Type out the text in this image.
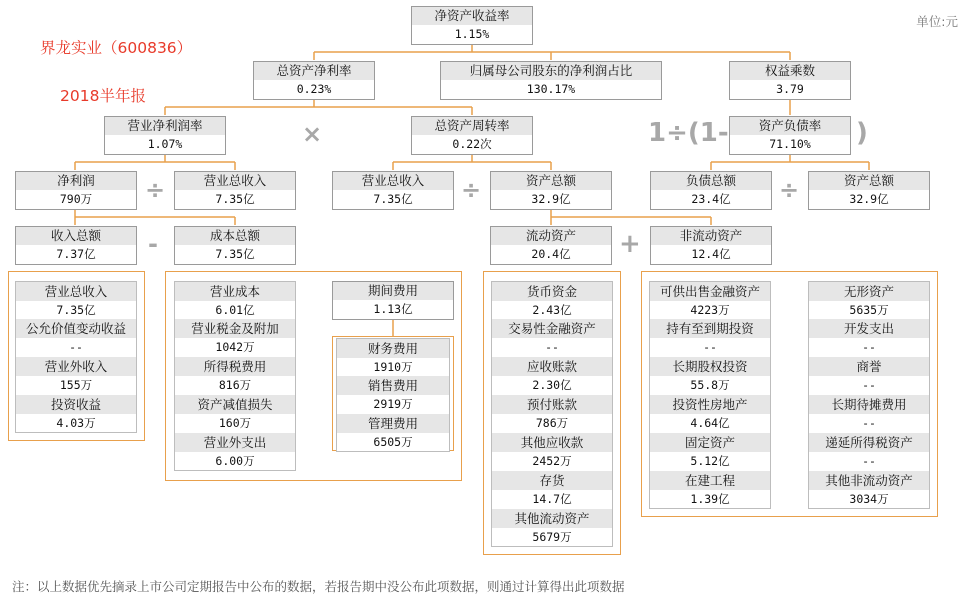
界龙实业（600836）
2018半年报
单位:元
净资产收益率
1.15%
总资产净利率
0.23%
归属母公司股东的净利润占比
130.17%
权益乘数
3.79
营业净利润率
1.07%	×	总资产周转率
0.22次	1÷(1-	资产负债率
71.10%	)
净利润
790万	÷	营业总收入
7.35亿
营业总收入
7.35亿	÷	资产总额
32.9亿
负债总额
23.4亿	÷	资产总额
32.9亿
收入总额
7.37亿	-	成本总额
7.35亿
流动资产
20.4亿	+	非流动资产
12.4亿
营业总收入
7.35亿
公允价值变动收益
--
营业外收入
155万
投资收益
4.03万
营业成本
6.01亿
营业税金及附加
1042万
所得税费用
816万
资产减值损失
160万
营业外支出
6.00万
期间费用
1.13亿
财务费用
1910万
销售费用
2919万
管理费用
6505万
货币资金
2.43亿
交易性金融资产
--
应收账款
2.30亿
预付账款
786万
其他应收款
2452万
存货
14.7亿
其他流动资产
5679万
可供出售金融资产
4223万
持有至到期投资
--
长期股权投资
55.8万
投资性房地产
4.64亿
固定资产
5.12亿
在建工程
1.39亿
无形资产
5635万
开发支出
--
商誉
--
长期待摊费用
--
递延所得税资产
--
其他非流动资产
3034万
注：以上数据优先摘录上市公司定期报告中公布的数据，若报告期中没公布此项数据，则通过计算得出此项数据
